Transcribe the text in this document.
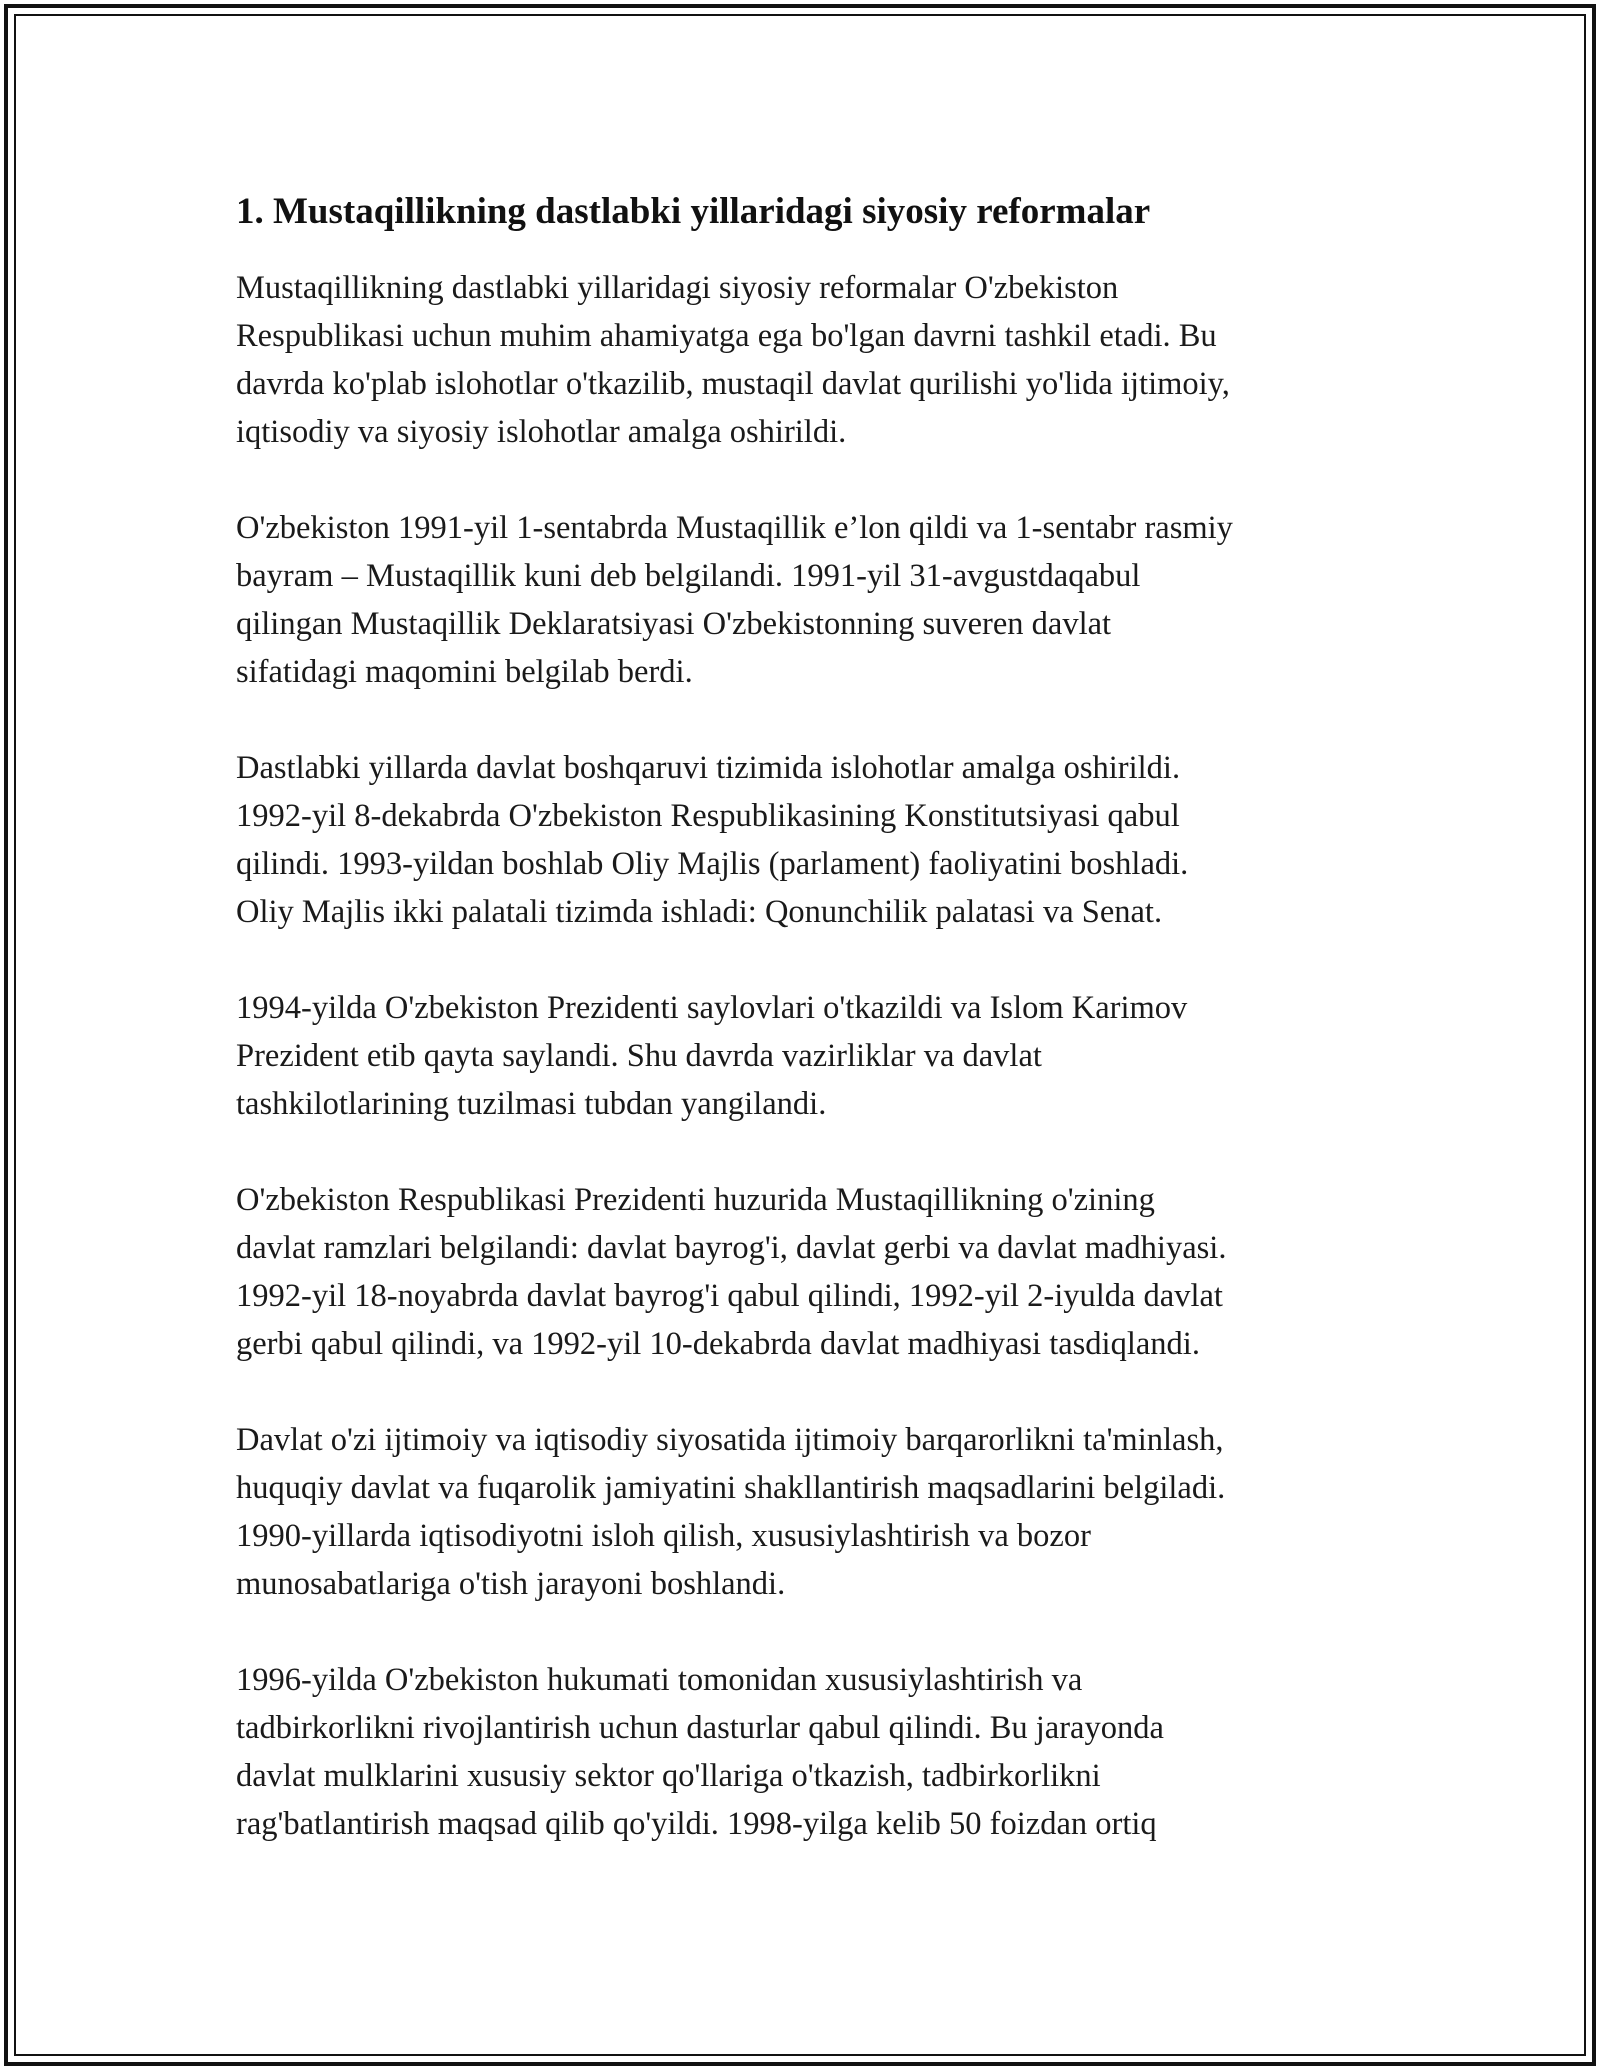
1. Mustaqillikning dastlabki yillaridagi siyosiy reformalar

Mustaqillikning dastlabki yillaridagi siyosiy reformalar O'zbekiston
Respublikasi uchun muhim ahamiyatga ega bo'lgan davrni tashkil etadi. Bu
davrda ko'plab islohotlar o'tkazilib, mustaqil davlat qurilishi yo'lida ijtimoiy,
iqtisodiy va siyosiy islohotlar amalga oshirildi.

O'zbekiston 1991-yil 1-sentabrda Mustaqillik e’lon qildi va 1-sentabr rasmiy
bayram – Mustaqillik kuni deb belgilandi. 1991-yil 31-avgustdaqabul
qilingan Mustaqillik Deklaratsiyasi O'zbekistonning suveren davlat
sifatidagi maqomini belgilab berdi.

Dastlabki yillarda davlat boshqaruvi tizimida islohotlar amalga oshirildi.
1992-yil 8-dekabrda O'zbekiston Respublikasining Konstitutsiyasi qabul
qilindi. 1993-yildan boshlab Oliy Majlis (parlament) faoliyatini boshladi.
Oliy Majlis ikki palatali tizimda ishladi: Qonunchilik palatasi va Senat.

1994-yilda O'zbekiston Prezidenti saylovlari o'tkazildi va Islom Karimov
Prezident etib qayta saylandi. Shu davrda vazirliklar va davlat
tashkilotlarining tuzilmasi tubdan yangilandi.

O'zbekiston Respublikasi Prezidenti huzurida Mustaqillikning o'zining
davlat ramzlari belgilandi: davlat bayrog'i, davlat gerbi va davlat madhiyasi.
1992-yil 18-noyabrda davlat bayrog'i qabul qilindi, 1992-yil 2-iyulda davlat
gerbi qabul qilindi, va 1992-yil 10-dekabrda davlat madhiyasi tasdiqlandi.

Davlat o'zi ijtimoiy va iqtisodiy siyosatida ijtimoiy barqarorlikni ta'minlash,
huquqiy davlat va fuqarolik jamiyatini shakllantirish maqsadlarini belgiladi.
1990-yillarda iqtisodiyotni isloh qilish, xususiylashtirish va bozor
munosabatlariga o'tish jarayoni boshlandi.

1996-yilda O'zbekiston hukumati tomonidan xususiylashtirish va
tadbirkorlikni rivojlantirish uchun dasturlar qabul qilindi. Bu jarayonda
davlat mulklarini xususiy sektor qo'llariga o'tkazish, tadbirkorlikni
rag'batlantirish maqsad qilib qo'yildi. 1998-yilga kelib 50 foizdan ortiq
